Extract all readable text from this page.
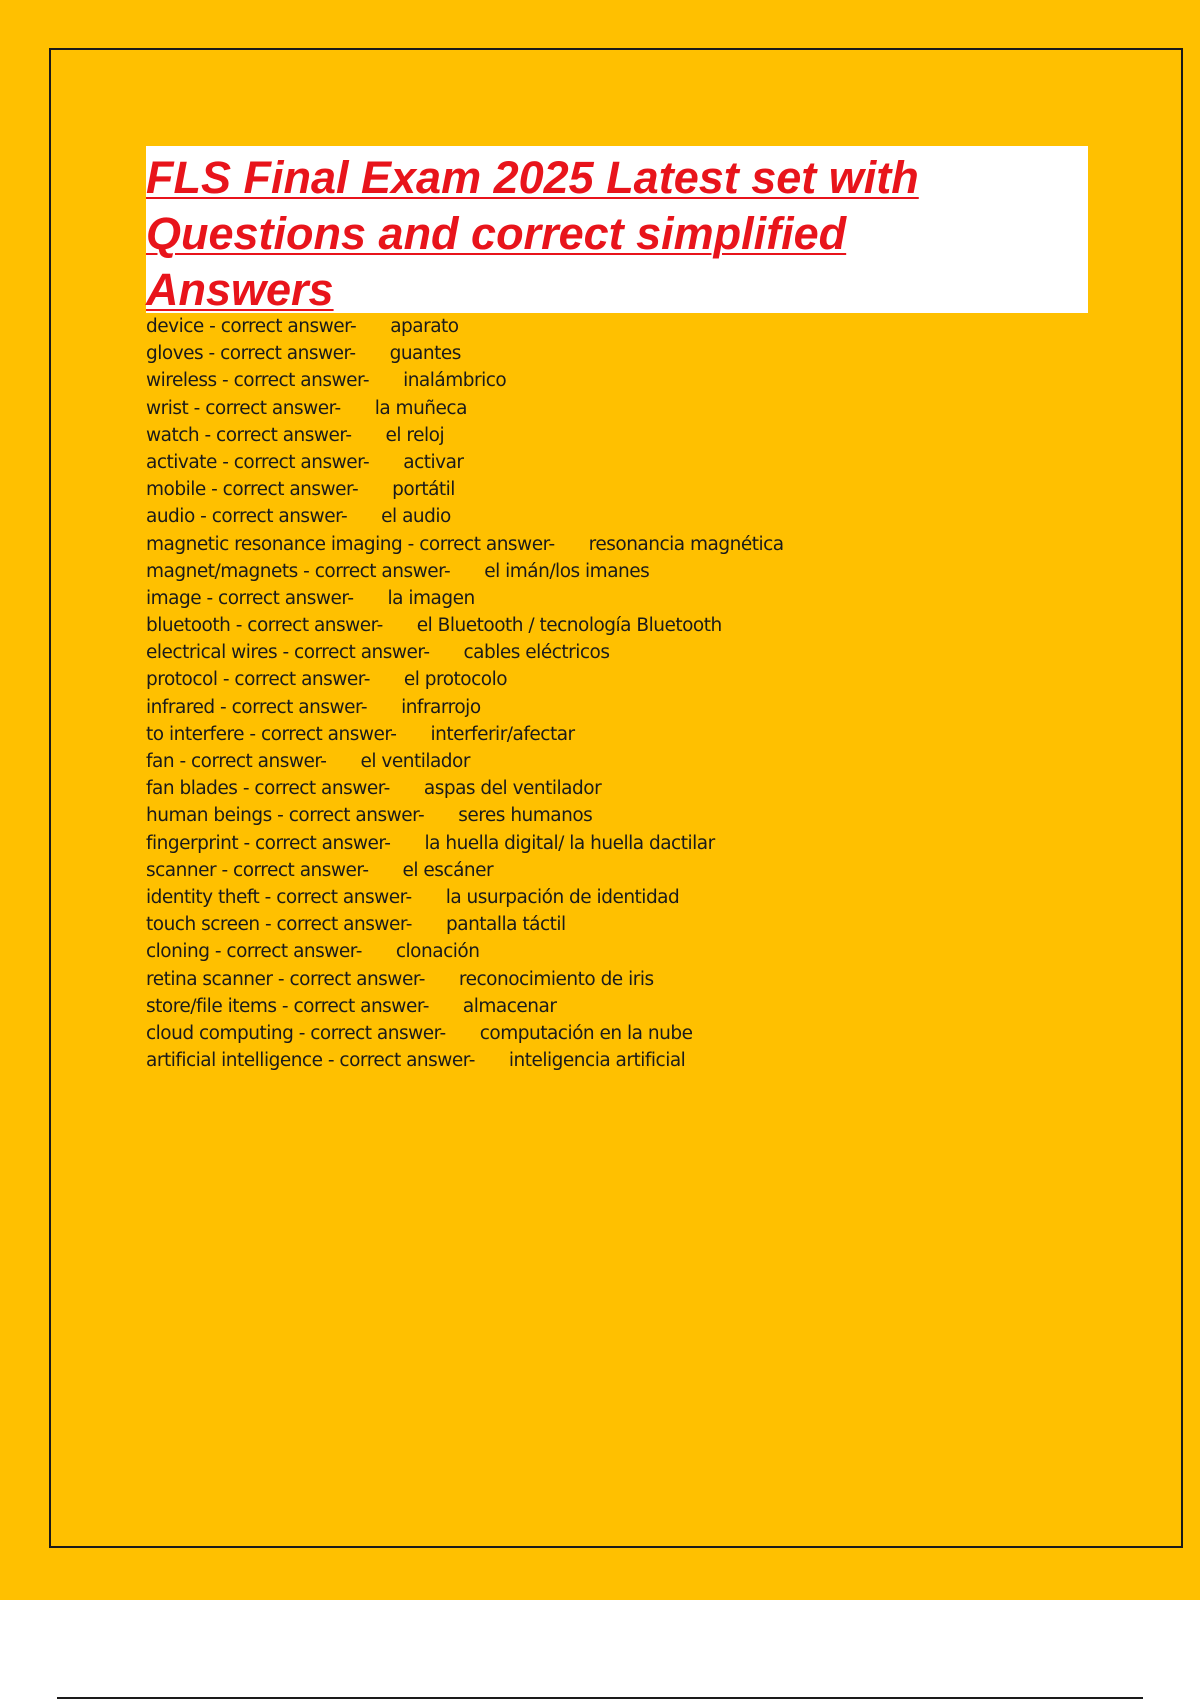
FLS Final Exam 2025 Latest set with
Questions and correct simplified
Answers
device - correct answer- aparato
gloves - correct answer- guantes
wireless - correct answer- inalámbrico
wrist - correct answer- la muñeca
watch - correct answer- el reloj
activate - correct answer- activar
mobile - correct answer- portátil
audio - correct answer- el audio
magnetic resonance imaging - correct answer- resonancia magnética
magnet/magnets - correct answer- el imán/los imanes
image - correct answer- la imagen
bluetooth - correct answer- el Bluetooth / tecnología Bluetooth
electrical wires - correct answer- cables eléctricos
protocol - correct answer- el protocolo
infrared - correct answer- infrarrojo
to interfere - correct answer- interferir/afectar
fan - correct answer- el ventilador
fan blades - correct answer- aspas del ventilador
human beings - correct answer- seres humanos
fingerprint - correct answer- la huella digital/ la huella dactilar
scanner - correct answer- el escáner
identity theft - correct answer- la usurpación de identidad
touch screen - correct answer- pantalla táctil
cloning - correct answer- clonación
retina scanner - correct answer- reconocimiento de iris
store/file items - correct answer- almacenar
cloud computing - correct answer- computación en la nube
artificial intelligence - correct answer- inteligencia artificial
